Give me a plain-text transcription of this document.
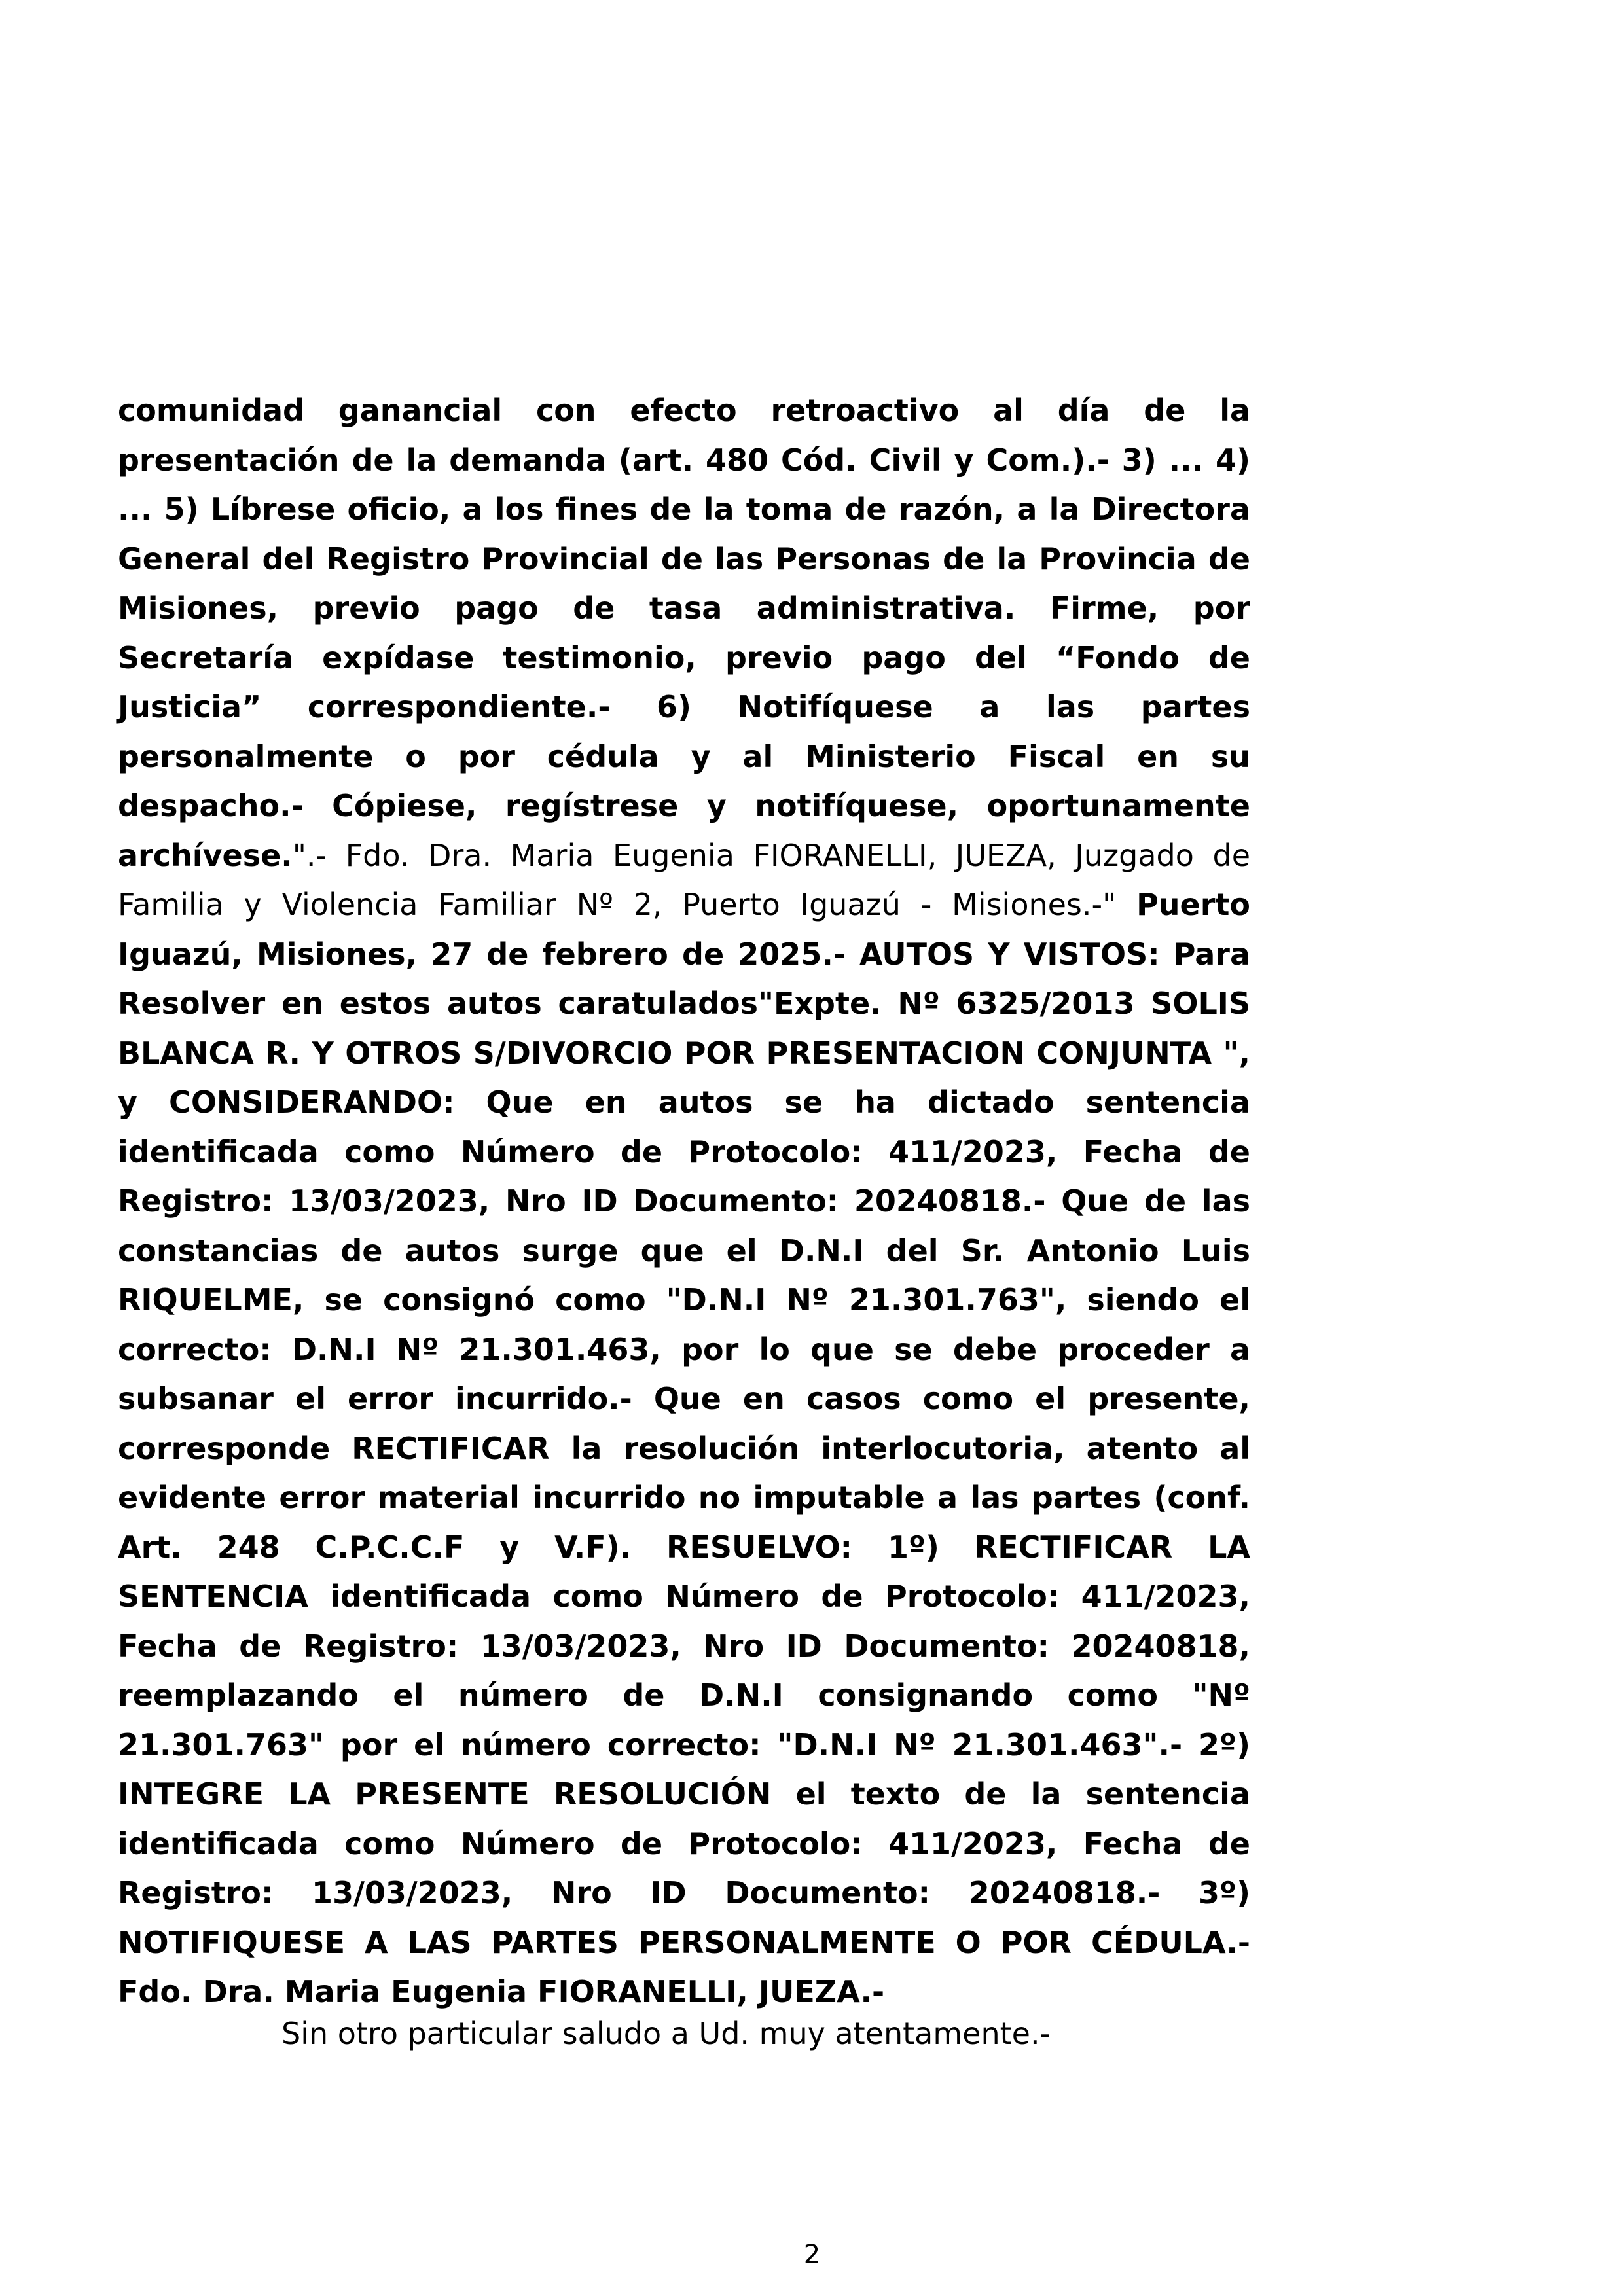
comunidad ganancial con efecto retroactivo al día de la presentación de la demanda (art. 480 Cód. Civil y Com.).- 3) ... 4) ... 5) Líbrese oficio, a los fines de la toma de razón, a la Directora General del Registro Provincial de las Personas de la Provincia de Misiones, previo pago de tasa administrativa. Firme, por Secretaría expídase testimonio, previo pago del “Fondo de Justicia” correspondiente.- 6) Notifíquese a las partes personalmente o por cédula y al Ministerio Fiscal en su despacho.- Cópiese, regístrese y notifíquese, oportunamente archívese.".- Fdo. Dra. Maria Eugenia FIORANELLI, JUEZA, Juzgado de Familia y Violencia Familiar Nº 2, Puerto Iguazú - Misiones.-" Puerto Iguazú, Misiones, 27 de febrero de 2025.- AUTOS Y VISTOS: Para Resolver en estos autos caratulados"Expte. Nº 6325/2013 SOLIS BLANCA R. Y OTROS S/DIVORCIO POR PRESENTACION CONJUNTA ", y CONSIDERANDO: Que en autos se ha dictado sentencia identificada como Número de Protocolo: 411/2023, Fecha de Registro: 13/03/2023, Nro ID Documento: 20240818.- Que de las constancias de autos surge que el D.N.I del Sr. Antonio Luis RIQUELME, se consignó como "D.N.I Nº 21.301.763", siendo el correcto: D.N.I Nº 21.301.463, por lo que se debe proceder a subsanar el error incurrido.- Que en casos como el presente, corresponde RECTIFICAR la resolución interlocutoria, atento al evidente error material incurrido no imputable a las partes (conf. Art. 248 C.P.C.C.F y V.F). RESUELVO: 1º) RECTIFICAR LA SENTENCIA identificada como Número de Protocolo: 411/2023, Fecha de Registro: 13/03/2023, Nro ID Documento: 20240818, reemplazando el número de D.N.I consignando como "Nº 21.301.763" por el número correcto: "D.N.I Nº 21.301.463".- 2º) INTEGRE LA PRESENTE RESOLUCIÓN el texto de la sentencia identificada como Número de Protocolo: 411/2023, Fecha de Registro: 13/03/2023, Nro ID Documento: 20240818.- 3º) NOTIFIQUESE A LAS PARTES PERSONALMENTE O POR CÉDULA.- Fdo. Dra. Maria Eugenia FIORANELLI, JUEZA.-

Sin otro particular saludo a Ud. muy atentamente.-

2
